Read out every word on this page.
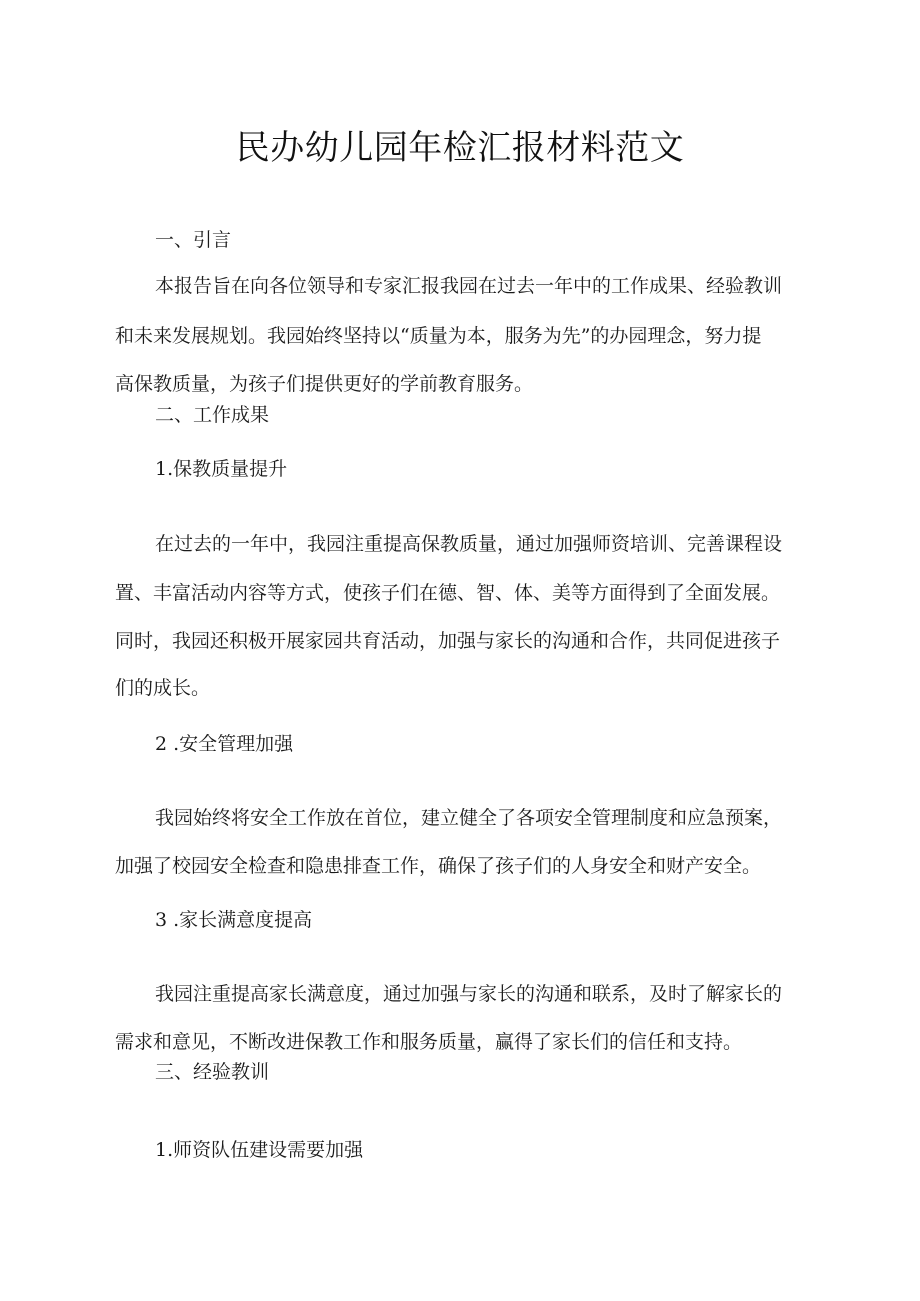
民办幼儿园年检汇报材料范文
一、引言
本报告旨在向各位领导和专家汇报我园在过去一年中的工作成果、经验教训
和未来发展规划。我园始终坚持以“质量为本，服务为先”的办园理念，努力提
高保教质量，为孩子们提供更好的学前教育服务。
二、工作成果
1.保教质量提升
在过去的一年中，我园注重提高保教质量，通过加强师资培训、完善课程设
置、丰富活动内容等方式，使孩子们在德、智、体、美等方面得到了全面发展。
同时，我园还积极开展家园共育活动，加强与家长的沟通和合作，共同促进孩子
们的成长。
2 .安全管理加强
我园始终将安全工作放在首位，建立健全了各项安全管理制度和应急预案，
加强了校园安全检查和隐患排查工作，确保了孩子们的人身安全和财产安全。
3 .家长满意度提高
我园注重提高家长满意度，通过加强与家长的沟通和联系，及时了解家长的
需求和意见，不断改进保教工作和服务质量，赢得了家长们的信任和支持。
三、经验教训
1.师资队伍建设需要加强
